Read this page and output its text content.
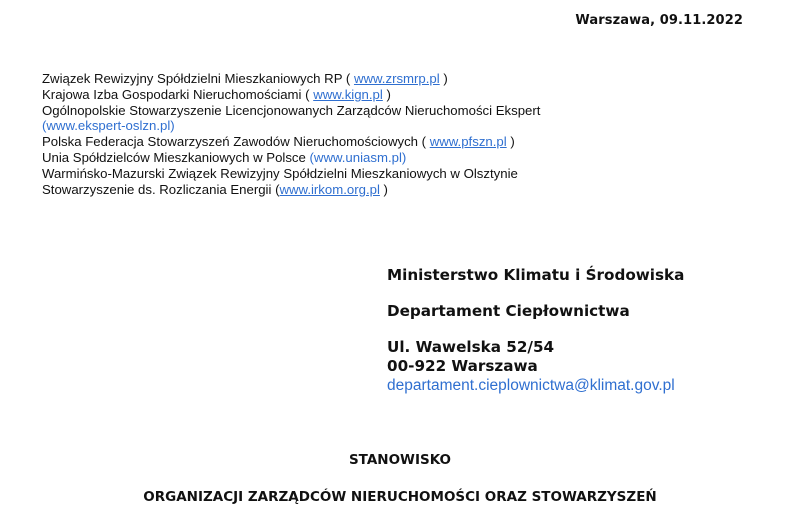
Warszawa, 09.11.2022
Związek Rewizyjny Spółdzielni Mieszkaniowych RP ( www.zrsmrp.pl )
Krajowa Izba Gospodarki Nieruchomościami ( www.kign.pl )
Ogólnopolskie Stowarzyszenie Licencjonowanych Zarządców Nieruchomości Ekspert
(www.ekspert-oslzn.pl)
Polska Federacja Stowarzyszeń Zawodów Nieruchomościowych ( www.pfszn.pl )
Unia Spółdzielców Mieszkaniowych w Polsce (www.uniasm.pl)
Warmińsko-Mazurski Związek Rewizyjny Spółdzielni Mieszkaniowych w Olsztynie
Stowarzyszenie ds. Rozliczania Energii (www.irkom.org.pl )
Ministerstwo Klimatu i Środowiska
Departament Ciepłownictwa
Ul. Wawelska 52/54
00-922 Warszawa
departament.cieplownictwa@klimat.gov.pl
STANOWISKO
ORGANIZACJI ZARZĄDCÓW NIERUCHOMOŚCI ORAZ STOWARZYSZEŃ
